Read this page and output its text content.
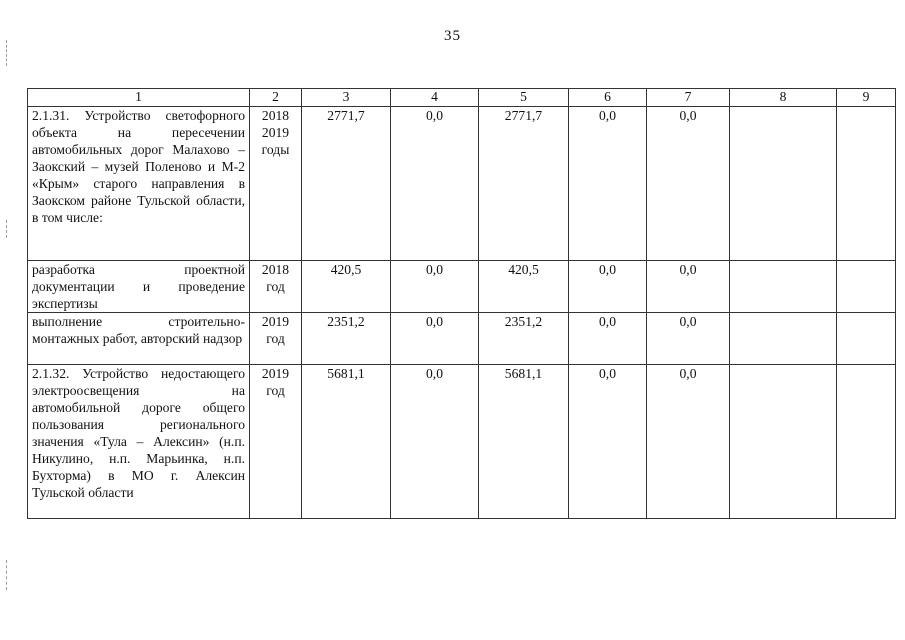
35
1	2	3	4	5	6	7	8	9
2.1.31. Устройство светофорного объекта на пересечении автомобильных дорог Малахово – Заокский – музей Поленово и М-2 «Крым» старого направления в Заокском районе Тульской области, в том числе:	2018 2019 годы	2771,7	0,0	2771,7	0,0	0,0		
разработка проектной документации и проведение экспертизы	2018 год	420,5	0,0	420,5	0,0	0,0		
выполнение строительно-монтажных работ, авторский надзор	2019 год	2351,2	0,0	2351,2	0,0	0,0		
2.1.32. Устройство недостающего электроосвещения на автомобильной дороге общего пользования регионального значения «Тула – Алексин» (н.п. Никулино, н.п. Марьинка, н.п. Бухторма) в МО г. Алексин Тульской области	2019 год	5681,1	0,0	5681,1	0,0	0,0		
